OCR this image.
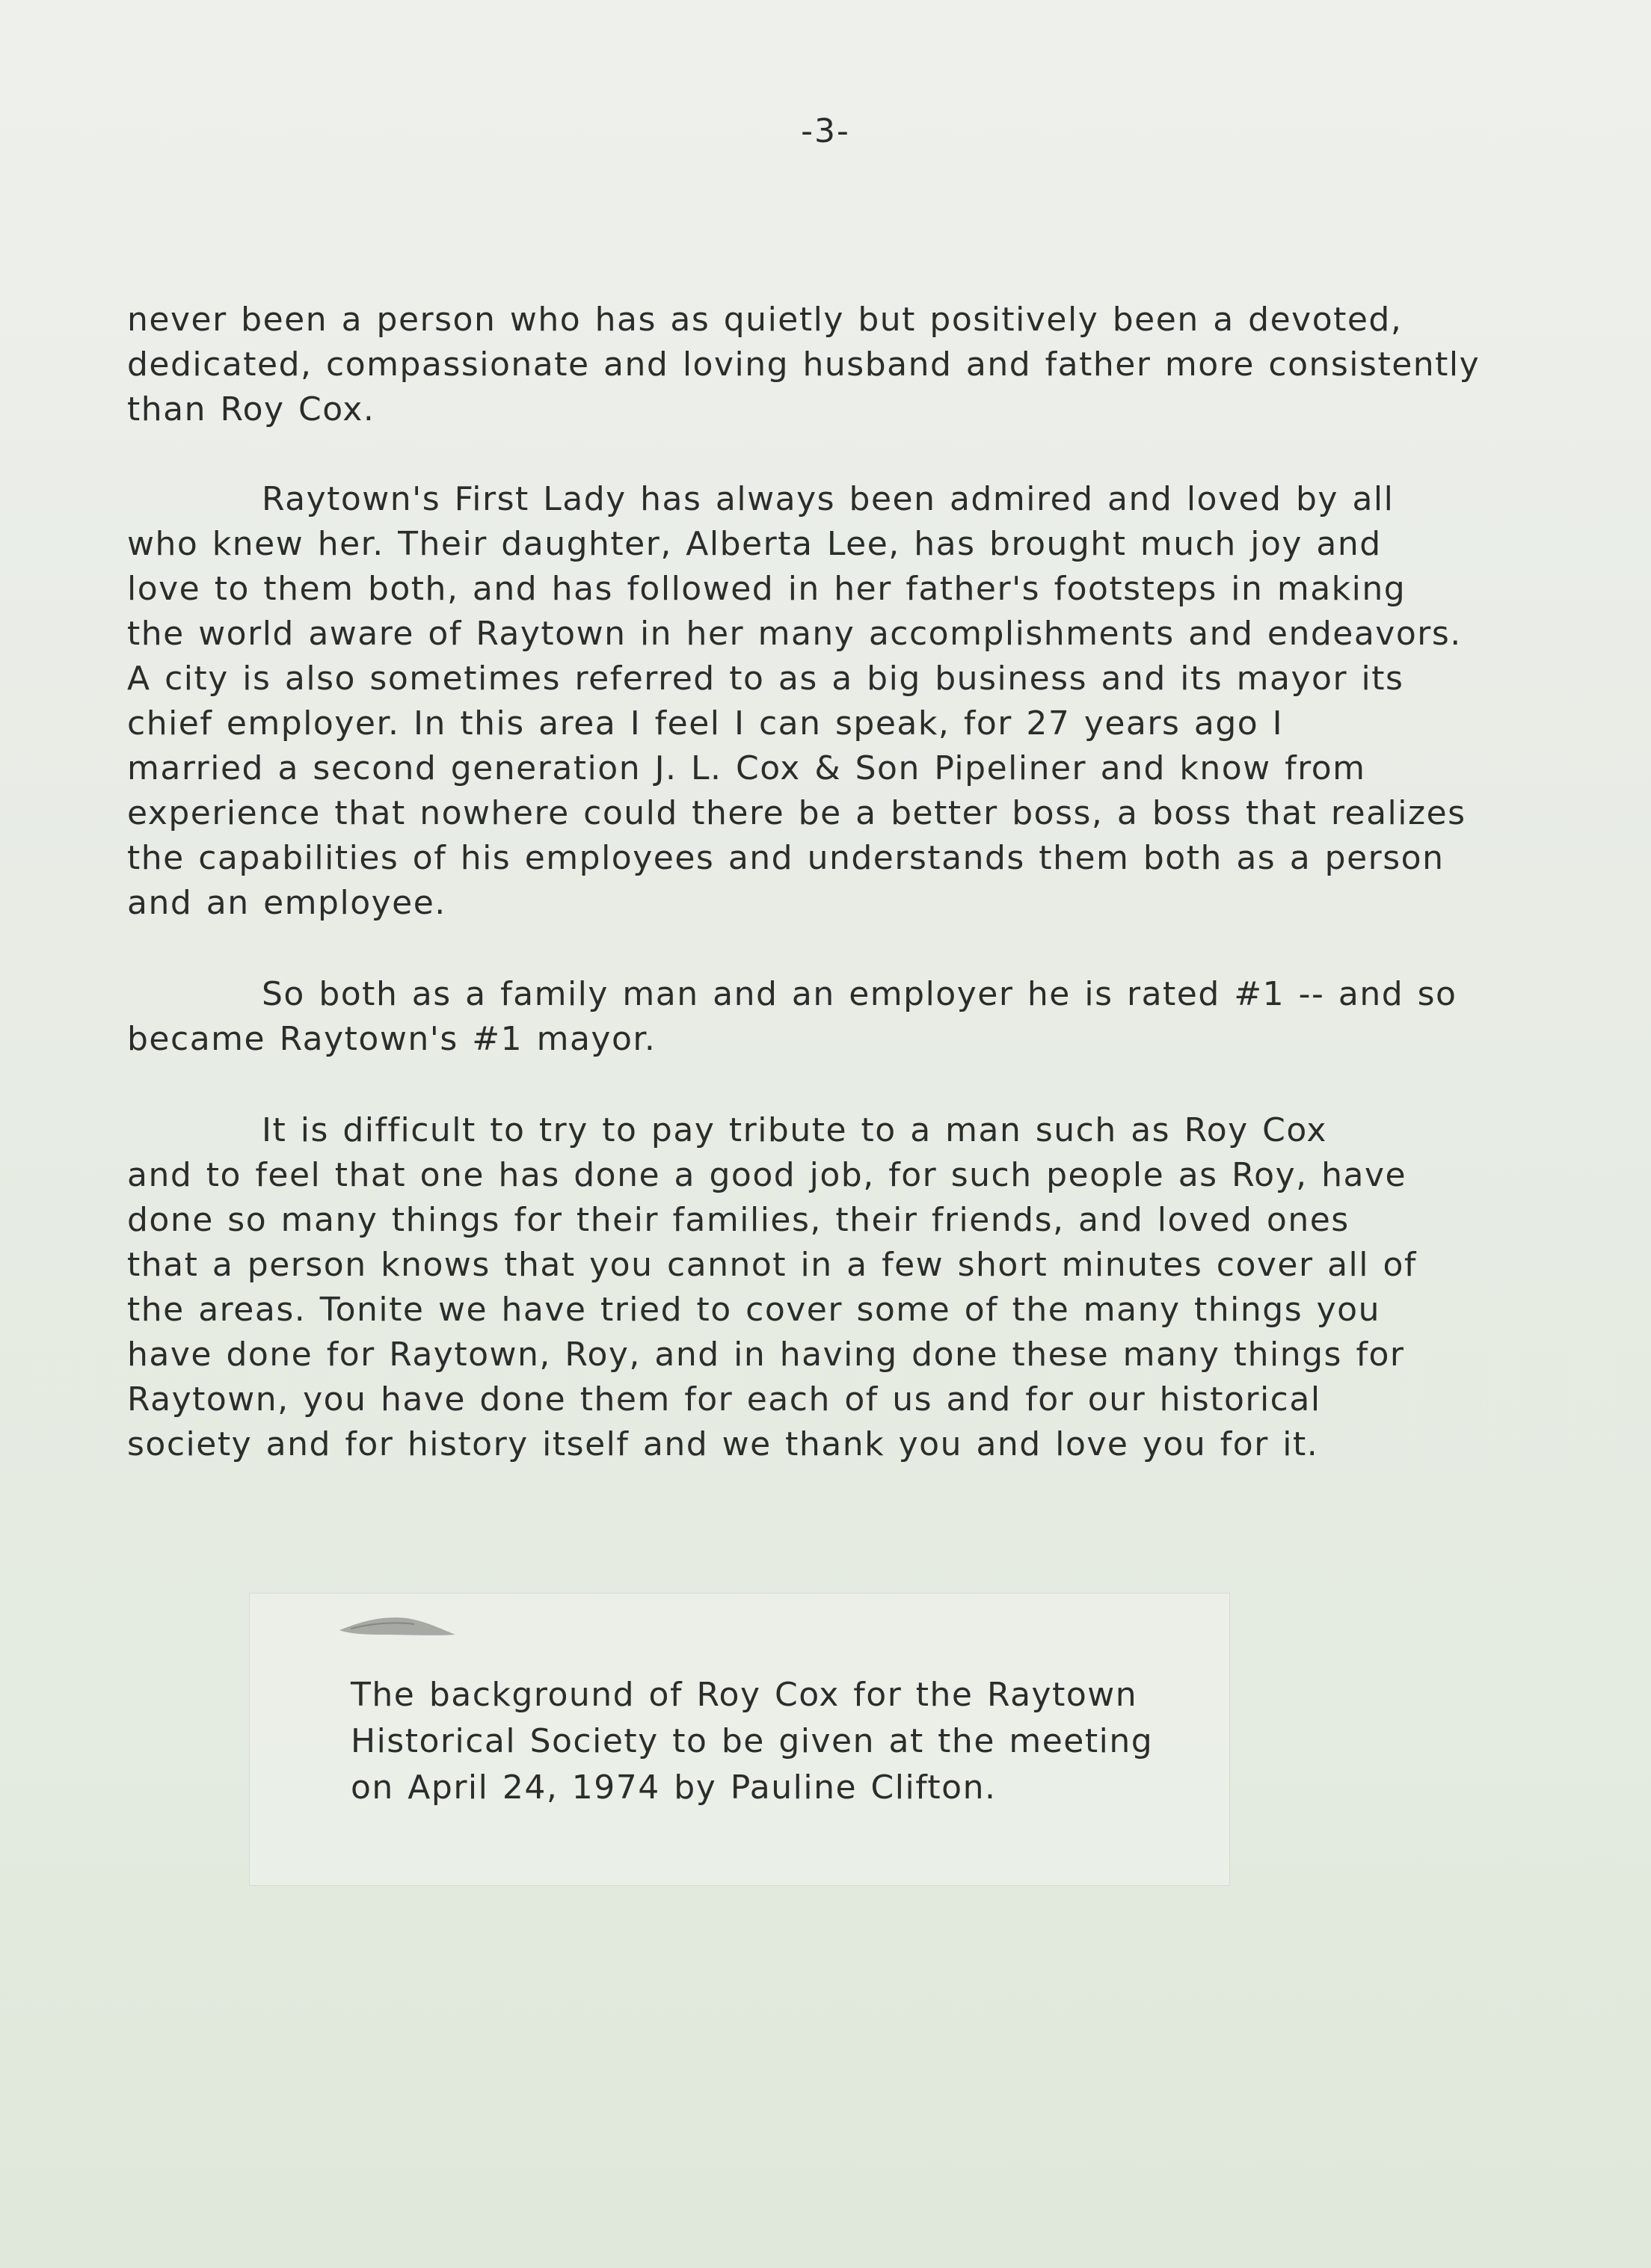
-3-
never been a person who has as quietly but positively been a devoted,
dedicated, compassionate and loving husband and father more consistently
than Roy Cox.
Raytown's First Lady has always been admired and loved by all
who knew her. Their daughter, Alberta Lee, has brought much joy and
love to them both, and has followed in her father's footsteps in making
the world aware of Raytown in her many accomplishments and endeavors.
A city is also sometimes referred to as a big business and its mayor its
chief employer. In this area I feel I can speak, for 27 years ago I
married a second generation J. L. Cox & Son Pipeliner and know from
experience that nowhere could there be a better boss, a boss that realizes
the capabilities of his employees and understands them both as a person
and an employee.
So both as a family man and an employer he is rated #1 -- and so
became Raytown's #1 mayor.
It is difficult to try to pay tribute to a man such as Roy Cox
and to feel that one has done a good job, for such people as Roy, have
done so many things for their families, their friends, and loved ones
that a person knows that you cannot in a few short minutes cover all of
the areas. Tonite we have tried to cover some of the many things you
have done for Raytown, Roy, and in having done these many things for
Raytown, you have done them for each of us and for our historical
society and for history itself and we thank you and love you for it.
The background of Roy Cox for the Raytown
Historical Society to be given at the meeting
on April 24, 1974 by Pauline Clifton.
